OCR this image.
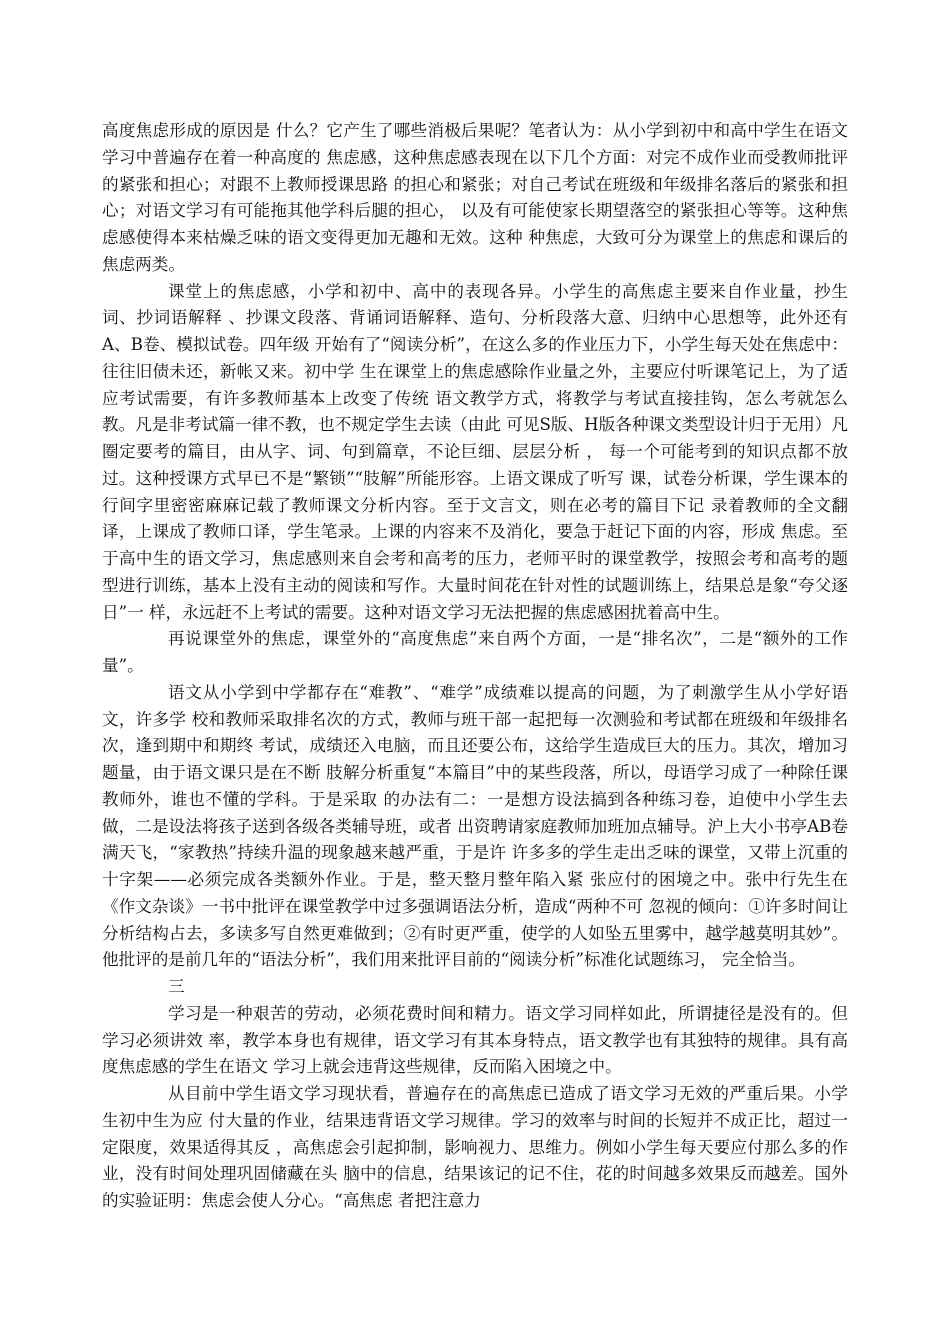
高度焦虑形成的原因是 什么？它产生了哪些消极后果呢？笔者认为：从小学到初中和高中学生在语文学习中普遍存在着一种高度的 焦虑感，这种焦虑感表现在以下几个方面：对完不成作业而受教师批评的紧张和担心；对跟不上教师授课思路 的担心和紧张；对自己考试在班级和年级排名落后的紧张和担心；对语文学习有可能拖其他学科后腿的担心， 以及有可能使家长期望落空的紧张担心等等。这种焦虑感使得本来枯燥乏味的语文变得更加无趣和无效。这种 种焦虑，大致可分为课堂上的焦虑和课后的焦虑两类。

课堂上的焦虑感，小学和初中、高中的表现各异。小学生的高焦虑主要来自作业量，抄生词、抄词语解释 、抄课文段落、背诵词语解释、造句、分析段落大意、归纳中心思想等，此外还有A、B卷、模拟试卷。四年级 开始有了“阅读分析”，在这么多的作业压力下，小学生每天处在焦虑中：往往旧债未还，新帐又来。初中学 生在课堂上的焦虑感除作业量之外，主要应付听课笔记上，为了适应考试需要，有许多教师基本上改变了传统 语文教学方式，将教学与考试直接挂钩，怎么考就怎么教。凡是非考试篇一律不教，也不规定学生去读（由此 可见S版、H版各种课文类型设计归于无用）凡圈定要考的篇目，由从字、词、句到篇章，不论巨细、层层分析 ， 每一个可能考到的知识点都不放过。这种授课方式早已不是“繁锁”“肢解”所能形容。上语文课成了听写 课，试卷分析课，学生课本的行间字里密密麻麻记载了教师课文分析内容。至于文言文，则在必考的篇目下记 录着教师的全文翻译，上课成了教师口译，学生笔录。上课的内容来不及消化，要急于赶记下面的内容，形成 焦虑。至于高中生的语文学习，焦虑感则来自会考和高考的压力，老师平时的课堂教学，按照会考和高考的题 型进行训练，基本上没有主动的阅读和写作。大量时间花在针对性的试题训练上，结果总是象“夸父逐日”一 样，永远赶不上考试的需要。这种对语文学习无法把握的焦虑感困扰着高中生。

再说课堂外的焦虑，课堂外的“高度焦虑”来自两个方面，一是“排名次”，二是“额外的工作量”。

语文从小学到中学都存在“难教”、“难学”成绩难以提高的问题，为了刺激学生从小学好语文，许多学 校和教师采取排名次的方式，教师与班干部一起把每一次测验和考试都在班级和年级排名次，逢到期中和期终 考试，成绩还入电脑，而且还要公布，这给学生造成巨大的压力。其次，增加习题量，由于语文课只是在不断 肢解分析重复“本篇目”中的某些段落，所以，母语学习成了一种除任课教师外，谁也不懂的学科。于是采取 的办法有二：一是想方设法搞到各种练习卷，迫使中小学生去做，二是设法将孩子送到各级各类辅导班，或者 出资聘请家庭教师加班加点辅导。沪上大小书亭AB卷满天飞，“家教热”持续升温的现象越来越严重，于是许 许多多的学生走出乏味的课堂，又带上沉重的十字架——必须完成各类额外作业。于是，整天整月整年陷入紧 张应付的困境之中。张中行先生在《作文杂谈》一书中批评在课堂教学中过多强调语法分析，造成“两种不可 忽视的倾向：①许多时间让分析结构占去，多读多写自然更难做到；②有时更严重，使学的人如坠五里雾中，越学越莫明其妙”。他批评的是前几年的“语法分析”，我们用来批评目前的“阅读分析”标准化试题练习， 完全恰当。

三

学习是一种艰苦的劳动，必须花费时间和精力。语文学习同样如此，所谓捷径是没有的。但学习必须讲效 率，教学本身也有规律，语文学习有其本身特点，语文教学也有其独特的规律。具有高度焦虑感的学生在语文 学习上就会违背这些规律，反而陷入困境之中。

从目前中学生语文学习现状看，普遍存在的高焦虑已造成了语文学习无效的严重后果。小学生初中生为应 付大量的作业，结果违背语文学习规律。学习的效率与时间的长短并不成正比，超过一定限度，效果适得其反 ，高焦虑会引起抑制，影响视力、思维力。例如小学生每天要应付那么多的作业，没有时间处理巩固储藏在头 脑中的信息，结果该记的记不住，花的时间越多效果反而越差。国外的实验证明：焦虑会使人分心。“高焦虑 者把注意力
